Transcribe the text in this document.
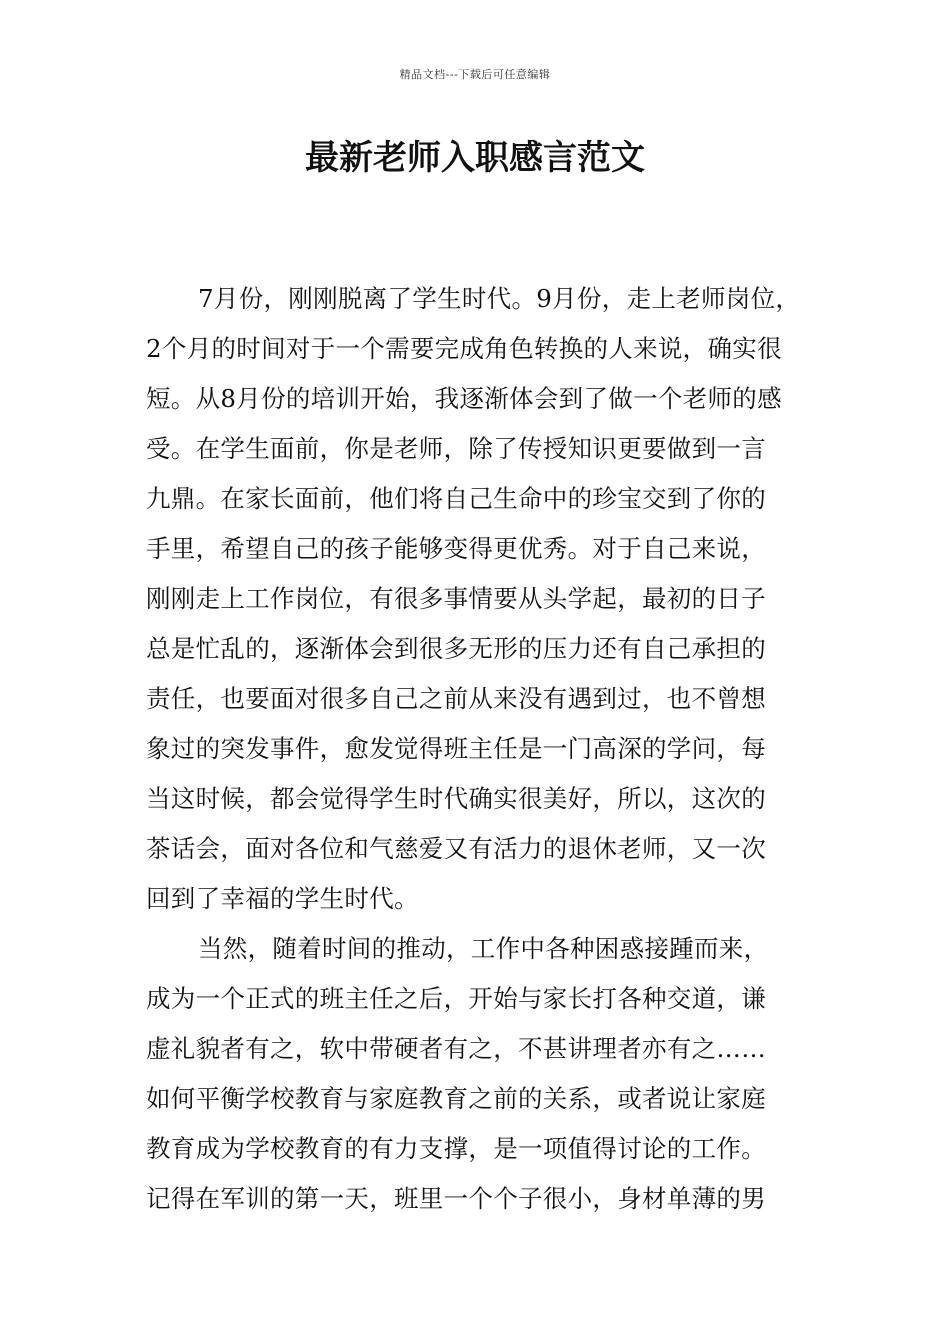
精品文档---下载后可任意编辑
最新老师入职感言范文
7月份，刚刚脱离了学生时代。9月份，走上老师岗位，
2个月的时间对于一个需要完成角色转换的人来说，确实很
短。从8月份的培训开始，我逐渐体会到了做一个老师的感
受。在学生面前，你是老师，除了传授知识更要做到一言
九鼎。在家长面前，他们将自己生命中的珍宝交到了你的
手里，希望自己的孩子能够变得更优秀。对于自己来说，
刚刚走上工作岗位，有很多事情要从头学起，最初的日子
总是忙乱的，逐渐体会到很多无形的压力还有自己承担的
责任，也要面对很多自己之前从来没有遇到过，也不曾想
象过的突发事件，愈发觉得班主任是一门高深的学问，每
当这时候，都会觉得学生时代确实很美好，所以，这次的
茶话会，面对各位和气慈爱又有活力的退休老师，又一次
回到了幸福的学生时代。
当然，随着时间的推动，工作中各种困惑接踵而来，
成为一个正式的班主任之后，开始与家长打各种交道，谦
虚礼貌者有之，软中带硬者有之，不甚讲理者亦有之……
如何平衡学校教育与家庭教育之前的关系，或者说让家庭
教育成为学校教育的有力支撑，是一项值得讨论的工作。
记得在军训的第一天，班里一个个子很小，身材单薄的男
